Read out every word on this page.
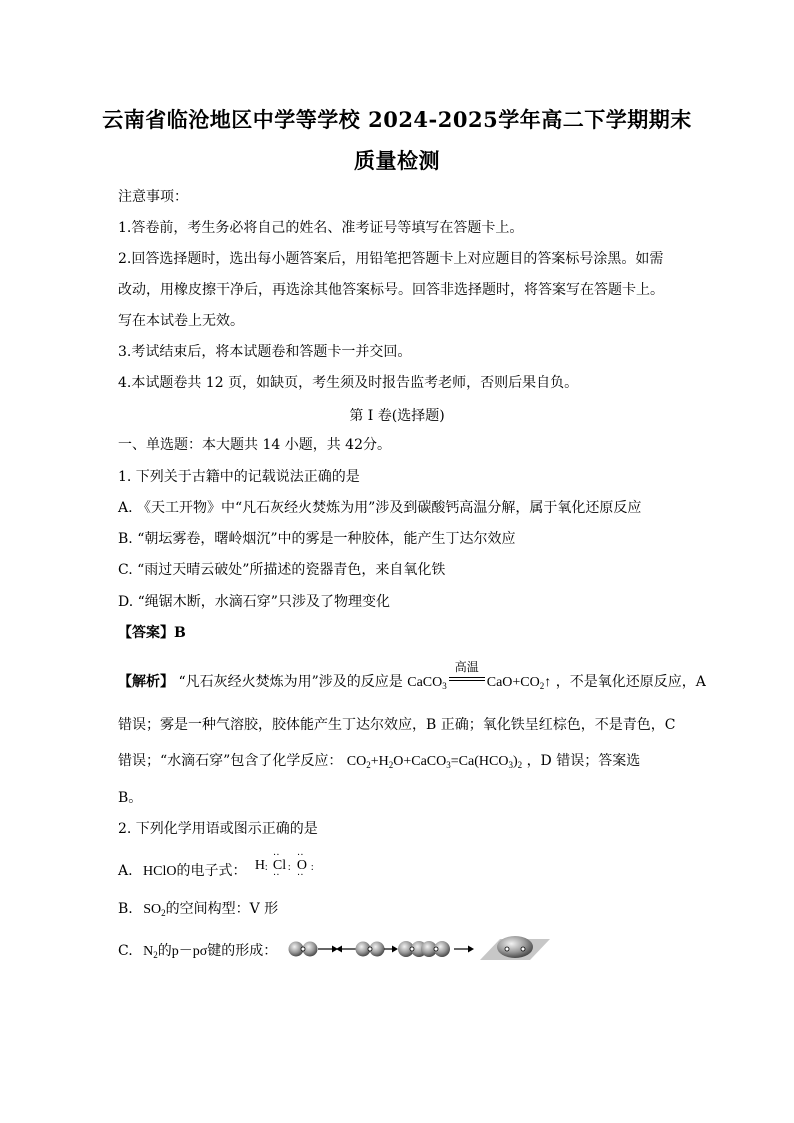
云南省临沧地区中学等学校 2024-2025学年高二下学期期末
质量检测
注意事项：
1.答卷前，考生务必将自己的姓名、准考证号等填写在答题卡上。
2.回答选择题时，选出每小题答案后，用铅笔把答题卡上对应题目的答案标号涂黑。如需
改动，用橡皮擦干净后，再选涂其他答案标号。回答非选择题时，将答案写在答题卡上。
写在本试卷上无效。
3.考试结束后，将本试题卷和答题卡一并交回。
4.本试题卷共 12 页，如缺页，考生须及时报告监考老师，否则后果自负。
第 I 卷(选择题)
一、单选题：本大题共 14 小题，共 42分。
1. 下列关于古籍中的记载说法正确的是
A. 《天工开物》中“凡石灰经火焚炼为用”涉及到碳酸钙高温分解，属于氧化还原反应
B. “朝坛雾卷，曙岭烟沉”中的雾是一种胶体，能产生丁达尔效应
C. “雨过天晴云破处”所描述的瓷器青色，来自氧化铁
D. “绳锯木断，水滴石穿”只涉及了物理变化
【答案】B
【解析】 “凡石灰经火焚炼为用”涉及的反应是 CaCO$_3$
高温
$CaO+CO_2↑$ ，不是氧化还原反应，A
错误；雾是一种气溶胶，胶体能产生丁达尔效应，B 正确；氧化铁呈红棕色，不是青色，C
错误；“水滴石穿”包含了化学反应： $CO_2+H_2O+CaCO_3=Ca(HCO_3)_2$ ，D 错误；答案选
B。
2. 下列化学用语或图示正确的是
A. HClO的电子式： H : Cl
··
··
: O
··
··
:
B. $SO_2$的空间构型：V 形
C. $N_2$的p－pσ键的形成：
